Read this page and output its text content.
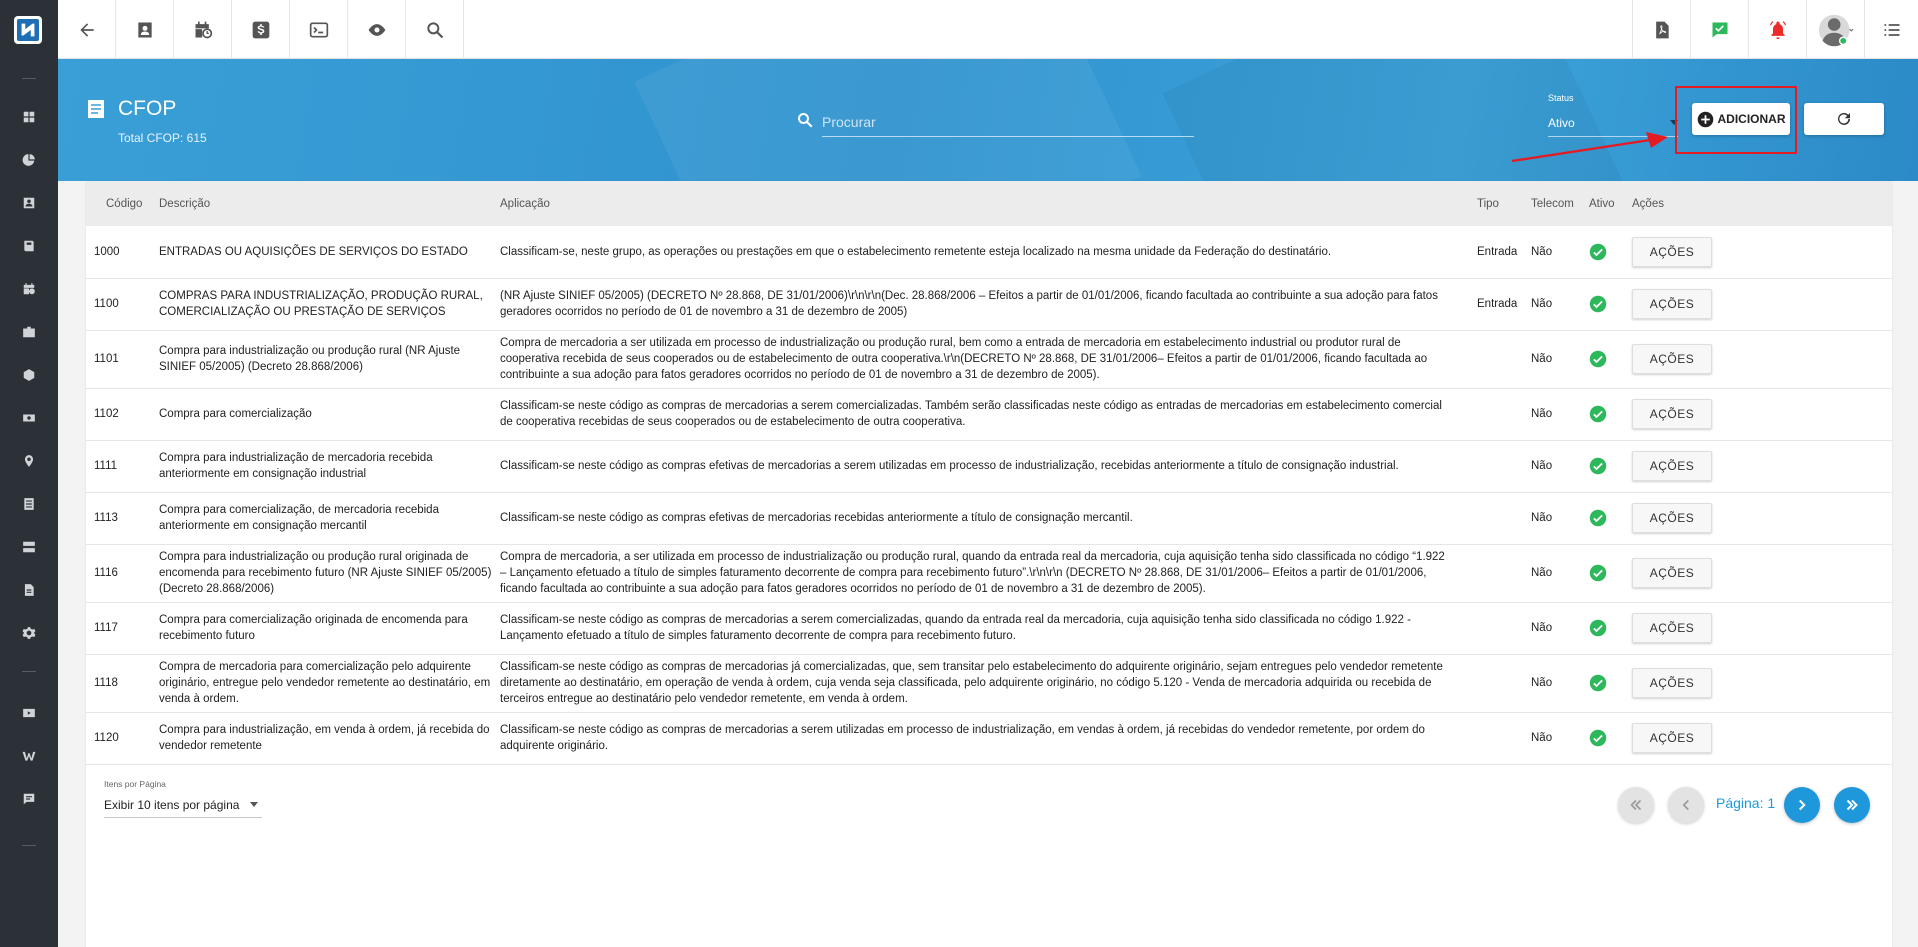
CFOP
Total CFOP: 615
Procurar
Status
Ativo	ADICIONAR
Código	Descrição	Aplicação	Tipo	Telecom	Ativo	Ações
1000	ENTRADAS OU AQUISIÇÕES DE SERVIÇOS DO ESTADO	Classificam-se, neste grupo, as operações ou prestações em que o estabelecimento remetente esteja localizado na mesma unidade da Federação do destinatário.	Entrada	Não		AÇÕES
1100	COMPRAS PARA INDUSTRIALIZAÇÃO, PRODUÇÃO RURAL, COMERCIALIZAÇÃO OU PRESTAÇÃO DE SERVIÇOS	(NR Ajuste SINIEF 05/2005) (DECRETO Nº 28.868, DE 31/01/2006)\r\n\r\n(Dec. 28.868/2006 – Efeitos a partir de 01/01/2006, ficando facultada ao contribuinte a sua adoção para fatos geradores ocorridos no período de 01 de novembro a 31 de dezembro de 2005)	Entrada	Não		AÇÕES
1101	Compra para industrialização ou produção rural (NR Ajuste SINIEF 05/2005) (Decreto 28.868/2006)	Compra de mercadoria a ser utilizada em processo de industrialização ou produção rural, bem como a entrada de mercadoria em estabelecimento industrial ou produtor rural de cooperativa recebida de seus cooperados ou de estabelecimento de outra cooperativa.\r\n(DECRETO Nº 28.868, DE 31/01/2006– Efeitos a partir de 01/01/2006, ficando facultada ao contribuinte a sua adoção para fatos geradores ocorridos no período de 01 de novembro a 31 de dezembro de 2005).		Não		AÇÕES
1102	Compra para comercialização	Classificam-se neste código as compras de mercadorias a serem comercializadas. Também serão classificadas neste código as entradas de mercadorias em estabelecimento comercial de cooperativa recebidas de seus cooperados ou de estabelecimento de outra cooperativa.		Não		AÇÕES
1111	Compra para industrialização de mercadoria recebida anteriormente em consignação industrial	Classificam-se neste código as compras efetivas de mercadorias a serem utilizadas em processo de industrialização, recebidas anteriormente a título de consignação industrial.		Não		AÇÕES
1113	Compra para comercialização, de mercadoria recebida anteriormente em consignação mercantil	Classificam-se neste código as compras efetivas de mercadorias recebidas anteriormente a título de consignação mercantil.		Não		AÇÕES
1116	Compra para industrialização ou produção rural originada de encomenda para recebimento futuro (NR Ajuste SINIEF 05/2005) (Decreto 28.868/2006)	Compra de mercadoria, a ser utilizada em processo de industrialização ou produção rural, quando da entrada real da mercadoria, cuja aquisição tenha sido classificada no código “1.922 – Lançamento efetuado a título de simples faturamento decorrente de compra para recebimento futuro”.\r\n\r\n (DECRETO Nº 28.868, DE 31/01/2006– Efeitos a partir de 01/01/2006, ficando facultada ao contribuinte a sua adoção para fatos geradores ocorridos no período de 01 de novembro a 31 de dezembro de 2005).		Não		AÇÕES
1117	Compra para comercialização originada de encomenda para recebimento futuro	Classificam-se neste código as compras de mercadorias a serem comercializadas, quando da entrada real da mercadoria, cuja aquisição tenha sido classificada no código 1.922 - Lançamento efetuado a título de simples faturamento decorrente de compra para recebimento futuro.		Não		AÇÕES
1118	Compra de mercadoria para comercialização pelo adquirente originário, entregue pelo vendedor remetente ao destinatário, em venda à ordem.	Classificam-se neste código as compras de mercadorias já comercializadas, que, sem transitar pelo estabelecimento do adquirente originário, sejam entregues pelo vendedor remetente diretamente ao destinatário, em operação de venda à ordem, cuja venda seja classificada, pelo adquirente originário, no código 5.120 - Venda de mercadoria adquirida ou recebida de terceiros entregue ao destinatário pelo vendedor remetente, em venda à ordem.		Não		AÇÕES
1120	Compra para industrialização, em venda à ordem, já recebida do vendedor remetente	Classificam-se neste código as compras de mercadorias a serem utilizadas em processo de industrialização, em vendas à ordem, já recebidas do vendedor remetente, por ordem do adquirente originário.		Não		AÇÕES
Itens por Página
Exibir 10 itens por página	Página: 1
